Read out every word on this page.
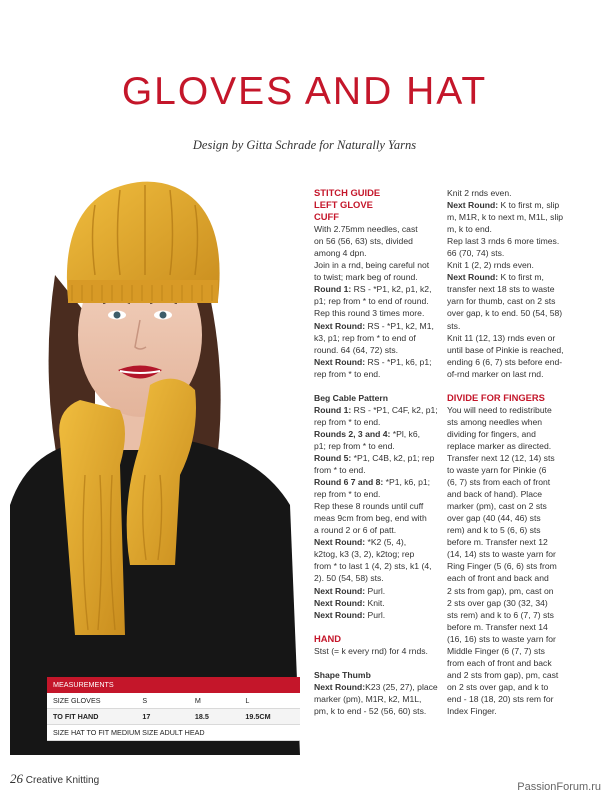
GLOVES AND HAT
Design by Gitta Schrade for Naturally Yarns
STITCH GUIDE
LEFT GLOVE
CUFF
With 2.75mm needles, cast
on 56 (56, 63) sts, divided
among 4 dpn.
Join in a rnd, being careful not
to twist; mark beg of round.
Round 1: RS - *P1, k2, p1, k2,
p1; rep from * to end of round.
Rep this round 3 times more.
Next Round: RS - *P1, k2, M1,
k3, p1; rep from * to end of
round. 64 (64, 72) sts.
Next Round: RS - *P1, k6, p1;
rep from * to end.
Beg Cable Pattern
Round 1: RS - *P1, C4F, k2, p1;
rep from * to end.
Rounds 2, 3 and 4: *Pl, k6,
p1; rep from * to end.
Round 5: *P1, C4B, k2, p1; rep
from * to end.
Round 6 7 and 8: *P1, k6, p1;
rep from * to end.
Rep these 8 rounds until cuff
meas 9cm from beg, end with
a round 2 or 6 of patt.
Next Round: *K2 (5, 4),
k2tog, k3 (3, 2), k2tog; rep
from * to last 1 (4, 2) sts, k1 (4,
2). 50 (54, 58) sts.
Next Round: Purl.
Next Round: Knit.
Next Round: Purl.
HAND
Stst (= k every rnd) for 4 rnds.
Shape Thumb
Next Round:K23 (25, 27), place
marker (pm), M1R, k2, M1L,
pm, k to end - 52 (56, 60) sts.
Knit 2 rnds even.
Next Round: K to first m, slip
m, M1R, k to next m, M1L, slip
m, k to end.
Rep last 3 rnds 6 more times.
66 (70, 74) sts.
Knit 1 (2, 2) rnds even.
Next Round: K to first m,
transfer next 18 sts to waste
yarn for thumb, cast on 2 sts
over gap, k to end. 50 (54, 58)
sts.
Knit 11 (12, 13) rnds even or
until base of Pinkie is reached,
ending 6 (6, 7) sts before end-
of-rnd marker on last rnd.
DIVIDE FOR FINGERS
You will need to redistribute
sts among needles when
dividing for fingers, and
replace marker as directed.
Transfer next 12 (12, 14) sts
to waste yarn for Pinkie (6
(6, 7) sts from each of front
and back of hand). Place
marker (pm), cast on 2 sts
over gap (40 (44, 46) sts
rem) and k to 5 (6, 6) sts
before m. Transfer next 12
(14, 14) sts to waste yarn for
Ring Finger (5 (6, 6) sts from
each of front and back and
2 sts from gap), pm, cast on
2 sts over gap (30 (32, 34)
sts rem) and k to 6 (7, 7) sts
before m. Transfer next 14
(16, 16) sts to waste yarn for
Middle Finger (6 (7, 7) sts
from each of front and back
and 2 sts from gap), pm, cast
on 2 sts over gap, and k to
end - 18 (18, 20) sts rem for
Index Finger.
MEASUREMENTS
SIZE GLOVES	S	M	L
TO FIT HAND	17	18.5	19.5CM
SIZE HAT TO FIT MEDIUM SIZE ADULT HEAD
26 Creative Knitting
PassionForum.ru
